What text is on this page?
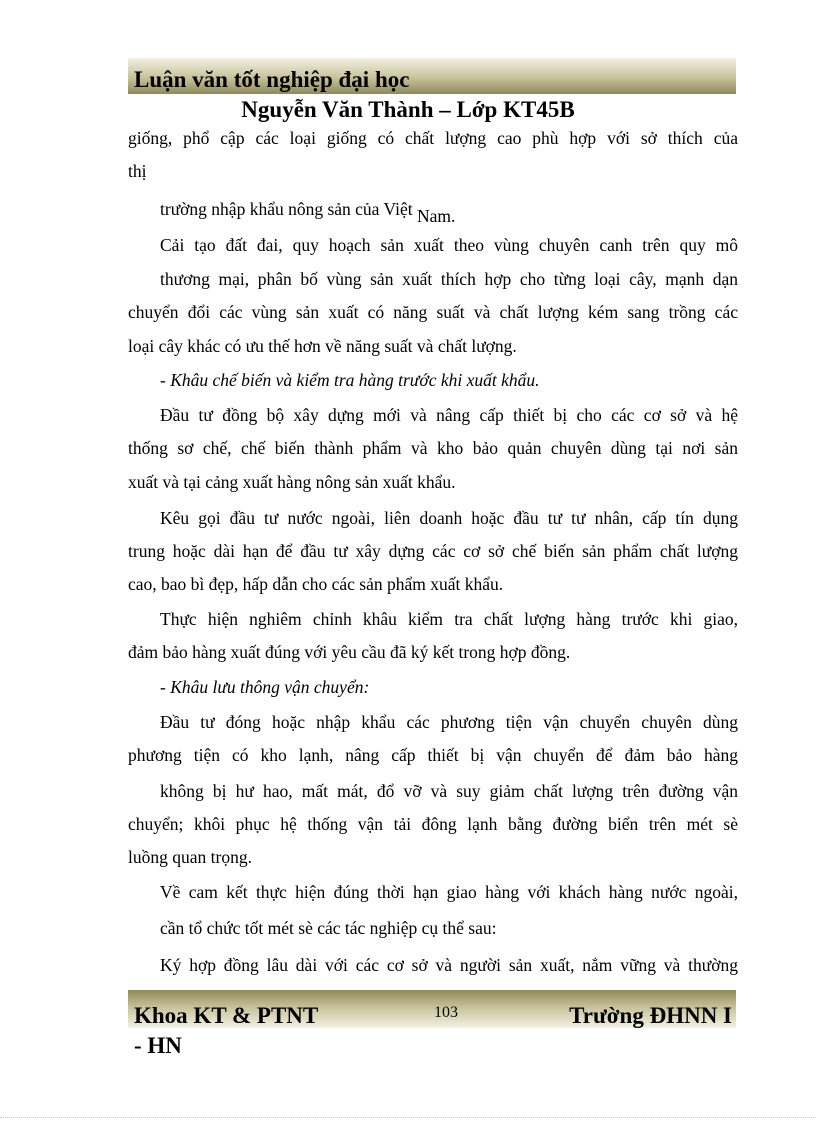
Luận văn tốt nghiệp đại học
Nguyễn Văn Thành – Lớp KT45B
giống, phổ cập các loại giống có chất lượng cao phù hợp với sở thích của
thị
trường nhập khẩu nông sản của Việt Nam.
Cải tạo đất đai, quy hoạch sản xuất theo vùng chuyên canh trên quy mô
thương mại, phân bố vùng sản xuất thích hợp cho từng loại cây, mạnh dạn
chuyển đổi các vùng sản xuất có năng suất và chất lượng kém sang trồng các
loại cây khác có ưu thế hơn về năng suất và chất lượng.
- Khâu chế biến và kiểm tra hàng trước khi xuất khẩu.
Đầu tư đồng bộ xây dựng mới và nâng cấp thiết bị cho các cơ sở và hệ
thống sơ chế, chế biến thành phẩm và kho bảo quản chuyên dùng tại nơi sản
xuất và tại cảng xuất hàng nông sản xuất khẩu.
Kêu gọi đầu tư nước ngoài, liên doanh hoặc đầu tư tư nhân, cấp tín dụng
trung hoặc dài hạn để đầu tư xây dựng các cơ sở chế biến sản phẩm chất lượng
cao, bao bì đẹp, hấp dẫn cho các sản phẩm xuất khẩu.
Thực hiện nghiêm chỉnh khâu kiểm tra chất lượng hàng trước khi giao,
đảm bảo hàng xuất đúng với yêu cầu đã ký kết trong hợp đồng.
- Khâu lưu thông vận chuyển:
Đầu tư đóng hoặc nhập khẩu các phương tiện vận chuyển chuyên dùng
phương tiện có kho lạnh, nâng cấp thiết bị vận chuyển để đảm bảo hàng
không bị hư hao, mất mát, đổ vỡ và suy giảm chất lượng trên đường vận
chuyển; khôi phục hệ thống vận tải đông lạnh bằng đường biển trên mét sè
luồng quan trọng.
Về cam kết thực hiện đúng thời hạn giao hàng với khách hàng nước ngoài,
cần tổ chức tốt mét sè các tác nghiệp cụ thể sau:
Ký hợp đồng lâu dài với các cơ sở và người sản xuất, nắm vững và thường
Khoa KT & PTNT	103	Trường ĐHNN I
- HN
